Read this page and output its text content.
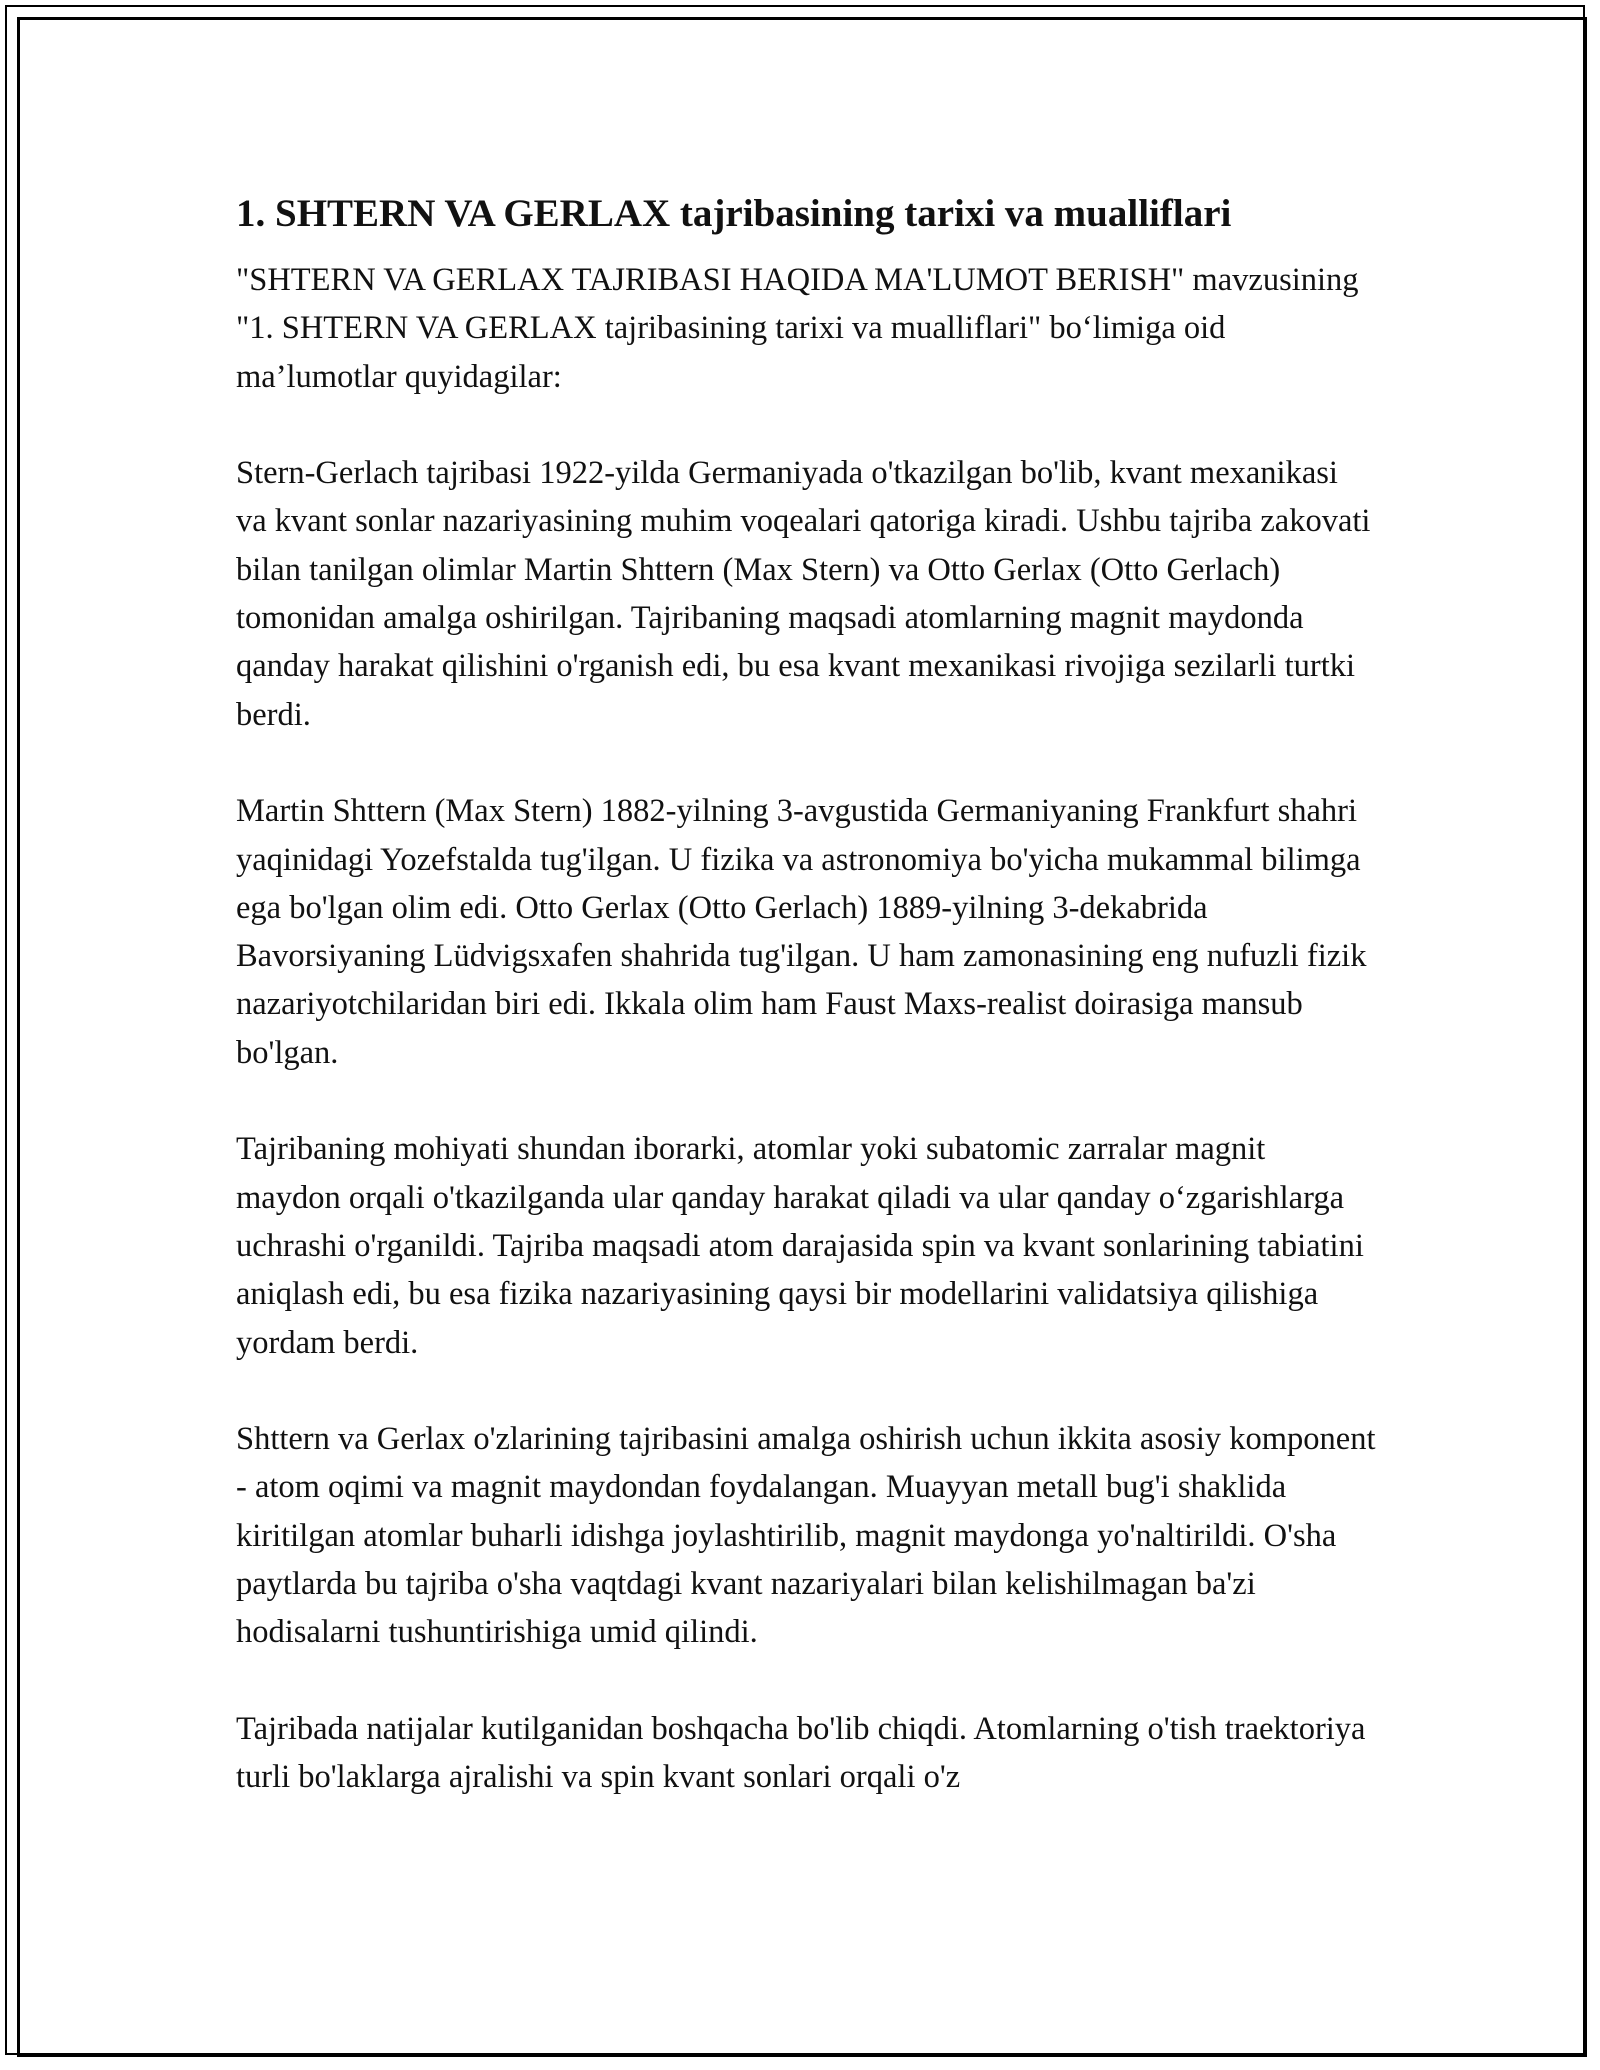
1. SHTERN VA GERLAX tajribasining tarixi va mualliflari

"SHTERN VA GERLAX TAJRIBASI HAQIDA MA'LUMOT BERISH" mavzusining "1. SHTERN VA GERLAX tajribasining tarixi va mualliflari" bo‘limiga oid ma’lumotlar quyidagilar:

Stern-Gerlach tajribasi 1922-yilda Germaniyada o'tkazilgan bo'lib, kvant mexanikasi va kvant sonlar nazariyasining muhim voqealari qatoriga kiradi. Ushbu tajriba zakovati bilan tanilgan olimlar Martin Shttern (Max Stern) va Otto Gerlax (Otto Gerlach) tomonidan amalga oshirilgan. Tajribaning maqsadi atomlarning magnit maydonda qanday harakat qilishini o'rganish edi, bu esa kvant mexanikasi rivojiga sezilarli turtki berdi.

Martin Shttern (Max Stern) 1882-yilning 3-avgustida Germaniyaning Frankfurt shahri yaqinidagi Yozefstalda tug'ilgan. U fizika va astronomiya bo'yicha mukammal bilimga ega bo'lgan olim edi. Otto Gerlax (Otto Gerlach) 1889-yilning 3-dekabrida Bavorsiyaning Lüdvigsxafen shahrida tug'ilgan. U ham zamonasining eng nufuzli fizik nazariyotchilaridan biri edi. Ikkala olim ham Faust Maxs-realist doirasiga mansub bo'lgan.

Tajribaning mohiyati shundan iborarki, atomlar yoki subatomic zarralar magnit maydon orqali o'tkazilganda ular qanday harakat qiladi va ular qanday o‘zgarishlarga uchrashi o'rganildi. Tajriba maqsadi atom darajasida spin va kvant sonlarining tabiatini aniqlash edi, bu esa fizika nazariyasining qaysi bir modellarini validatsiya qilishiga yordam berdi.

Shttern va Gerlax o'zlarining tajribasini amalga oshirish uchun ikkita asosiy komponent - atom oqimi va magnit maydondan foydalangan. Muayyan metall bug'i shaklida kiritilgan atomlar buharli idishga joylashtirilib, magnit maydonga yo'naltirildi. O'sha paytlarda bu tajriba o'sha vaqtdagi kvant nazariyalari bilan kelishilmagan ba'zi hodisalarni tushuntirishiga umid qilindi.

Tajribada natijalar kutilganidan boshqacha bo'lib chiqdi. Atomlarning o'tish traektoriya turli bo'laklarga ajralishi va spin kvant sonlari orqali o'z
